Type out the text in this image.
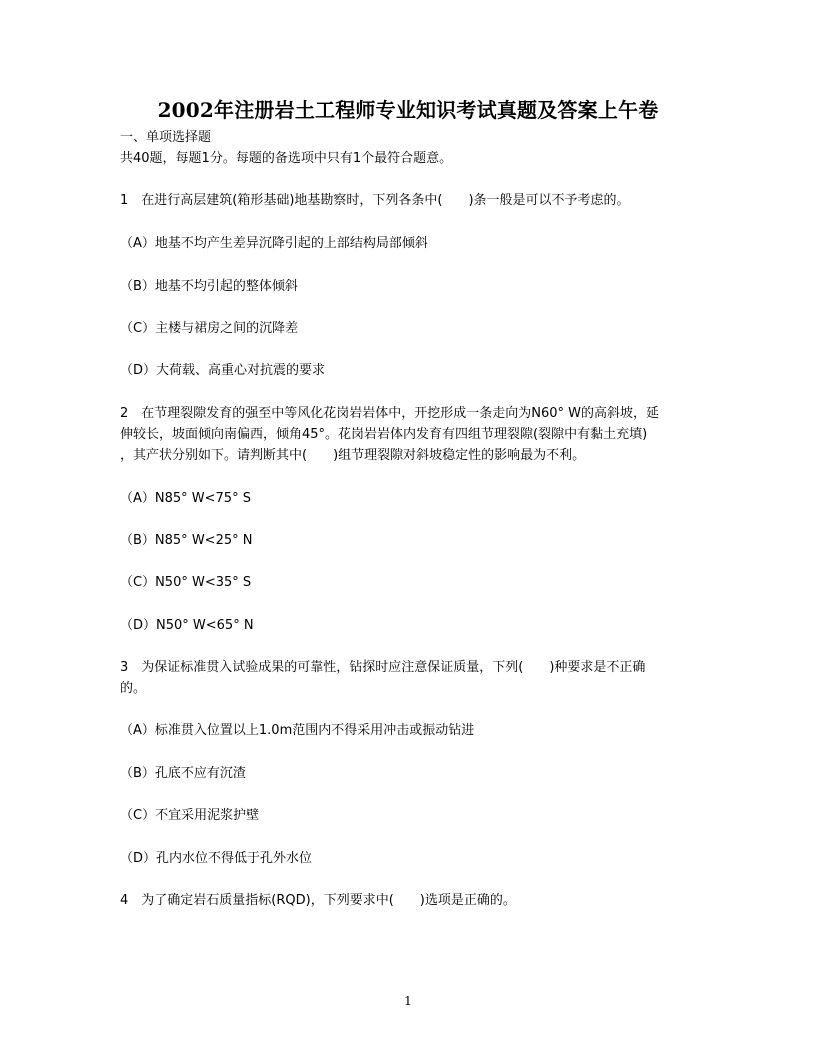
2002年注册岩土工程师专业知识考试真题及答案上午卷
一、单项选择题
共40题，每题1分。每题的备选项中只有1个最符合题意。
1　在进行高层建筑(箱形基础)地基勘察时，下列各条中(　　)条一般是可以不予考虑的。
（A）地基不均产生差异沉降引起的上部结构局部倾斜
（B）地基不均引起的整体倾斜
（C）主楼与裙房之间的沉降差
（D）大荷载、高重心对抗震的要求
2　在节理裂隙发育的强至中等风化花岗岩岩体中，开挖形成一条走向为N60° W的高斜坡，延
伸较长，坡面倾向南偏西，倾角45°。花岗岩岩体内发育有四组节理裂隙(裂隙中有黏土充填)
，其产状分别如下。请判断其中(　　)组节理裂隙对斜坡稳定性的影响最为不利。
（A）N85° W<75° S
（B）N85° W<25° N
（C）N50° W<35° S
（D）N50° W<65° N
3　为保证标准贯入试验成果的可靠性，钻探时应注意保证质量，下列(　　)种要求是不正确
的。
（A）标准贯入位置以上1.0m范围内不得采用冲击或振动钻进
（B）孔底不应有沉渣
（C）不宜采用泥浆护壁
（D）孔内水位不得低于孔外水位
4　为了确定岩石质量指标(RQD)，下列要求中(　　)选项是正确的。
1
